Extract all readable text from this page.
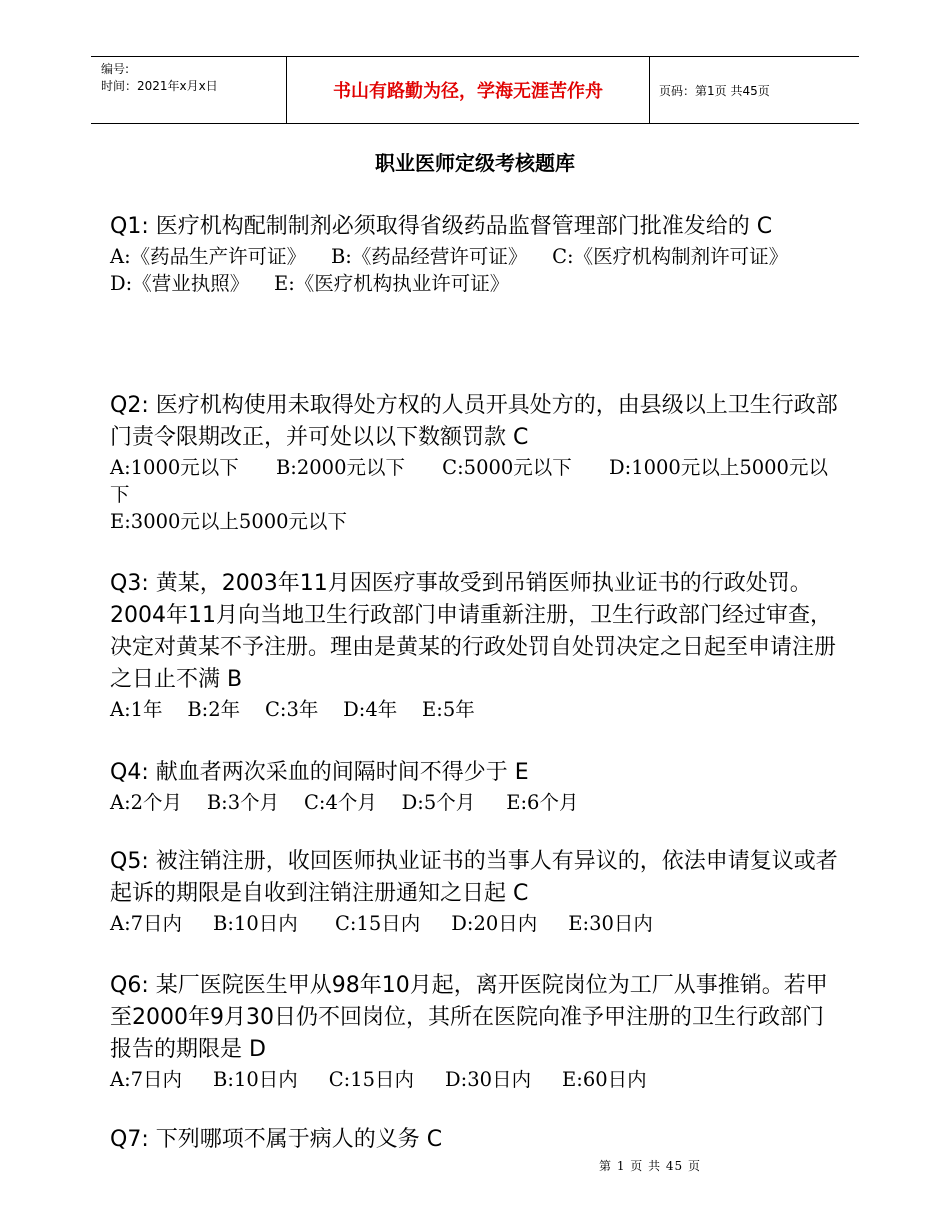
编号:
时间：2021年x月x日	书山有路勤为径，学海无涯苦作舟	页码：第1页 共45页
职业医师定级考核题库
Q1: 医疗机构配制制剂必须取得省级药品监督管理部门批准发给的 C
A:《药品生产许可证》    B:《药品经营许可证》    C:《医疗机构制剂许可证》
D:《营业执照》    E:《医疗机构执业许可证》
Q2: 医疗机构使用未取得处方权的人员开具处方的，由县级以上卫生行政部门责令限期改正，并可处以以下数额罚款 C
A:1000元以下      B:2000元以下      C:5000元以下      D:1000元以上5000元以下
E:3000元以上5000元以下
Q3: 黄某，2003年11月因医疗事故受到吊销医师执业证书的行政处罚。2004年11月向当地卫生行政部门申请重新注册，卫生行政部门经过审查，决定对黄某不予注册。理由是黄某的行政处罚自处罚决定之日起至申请注册之日止不满 B
A:1年    B:2年    C:3年    D:4年    E:5年
Q4: 献血者两次采血的间隔时间不得少于 E
A:2个月    B:3个月    C:4个月    D:5个月     E:6个月
Q5: 被注销注册，收回医师执业证书的当事人有异议的，依法申请复议或者起诉的期限是自收到注销注册通知之日起 C
A:7日内     B:10日内      C:15日内     D:20日内     E:30日内
Q6: 某厂医院医生甲从98年10月起，离开医院岗位为工厂从事推销。若甲至2000年9月30日仍不回岗位，其所在医院向准予甲注册的卫生行政部门报告的期限是 D
A:7日内     B:10日内     C:15日内     D:30日内     E:60日内
Q7: 下列哪项不属于病人的义务 C
第 1 页 共 45 页
